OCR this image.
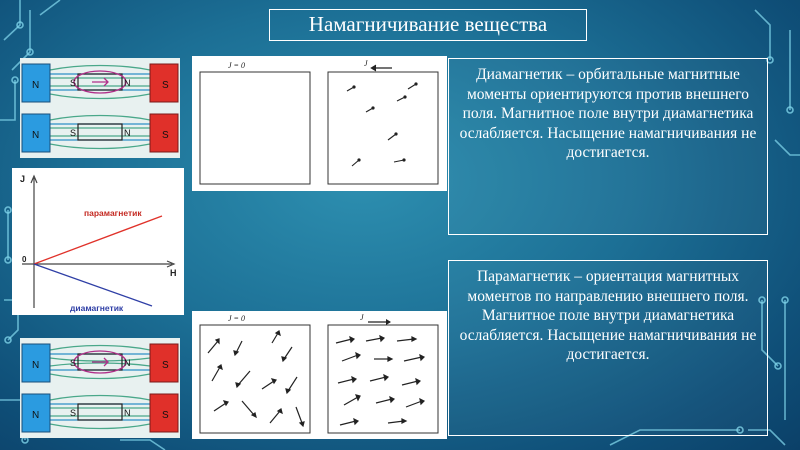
Намагничивание вещества
N
N
S
S
S	N
S	N
N
N
S
S
S	N
S	N
J
H
0
парамагнетик
диамагнетик
J = 0	J
J = 0	J
Диамагнетик – орбитальные магнитные моменты ориентируются против внешнего поля. Магнитное поле внутри диамагнетика ослабляется. Насыщение намагничивания не достигается.
Парамагнетик – ориентация магнитных моментов по направлению внешнего поля. Магнитное поле внутри диамагнетика ослабляется. Насыщение намагничивания не достигается.
